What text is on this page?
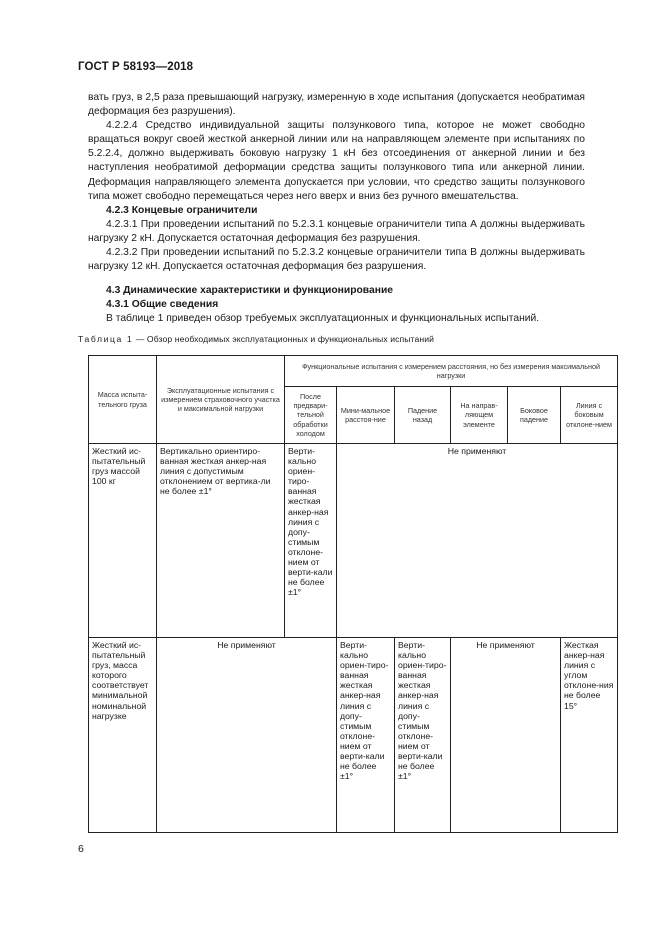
ГОСТ Р 58193—2018

вать груз, в 2,5 раза превышающий нагрузку, измеренную в ходе испытания (допускается необратимая деформация без разрушения).

4.2.2.4 Средство индивидуальной защиты ползункового типа, которое не может свободно вращаться вокруг своей жесткой анкерной линии или на направляющем элементе при испытаниях по 5.2.2.4, должно выдерживать боковую нагрузку 1 кН без отсоединения от анкерной линии и без наступления необратимой деформации средства защиты ползункового типа или анкерной линии. Деформация направляющего элемента допускается при условии, что средство защиты ползункового типа может свободно перемещаться через него вверх и вниз без ручного вмешательства.

4.2.3 Концевые ограничители

4.2.3.1 При проведении испытаний по 5.2.3.1 концевые ограничители типа А должны выдерживать нагрузку 2 кН. Допускается остаточная деформация без разрушения.

4.2.3.2 При проведении испытаний по 5.2.3.2 концевые ограничители типа В должны выдерживать нагрузку 12 кН. Допускается остаточная деформация без разрушения.

4.3 Динамические характеристики и функционирование
4.3.1 Общие сведения

В таблице 1 приведен обзор требуемых эксплуатационных и функциональных испытаний.

Таблица 1 — Обзор необходимых эксплуатационных и функциональных испытаний
Масса испыта-тельного груза	Эксплуатационные испытания с измерением страховочного участка и максимальной нагрузки	Функциональные испытания с измерением расстояния, но без измерения максимальной нагрузки					
		После предвари-тельной обработки холодом	Мини-мальное расстоя-ние	Падение назад	На направ-ляющем элементе	Боковое падение	Линия с боковым отклоне-нием
Жесткий ис-пытательный груз массой 100 кг	Вертикально ориентиро-ванная жесткая анкер-ная линия с допустимым отклонением от вертика-ли не более ±1°	Верти-кально ориен-тиро-ванная жесткая анкер-ная линия с допу-стимым отклоне-нием от верти-кали не более ±1°	Не применяют				
Жесткий ис-пытательный груз, масса которого соответствует минимальной номинальной нагрузке	Не применяют		Верти-кально ориен-тиро-ванная жесткая анкер-ная линия с допу-стимым отклоне-нием от верти-кали не более ±1°	Верти-кально ориен-тиро-ванная жесткая анкер-ная линия с допу-стимым отклоне-нием от верти-кали не более ±1°	Не применяют		Жесткая анкер-ная линия с углом отклоне-ния не более 15°
6
